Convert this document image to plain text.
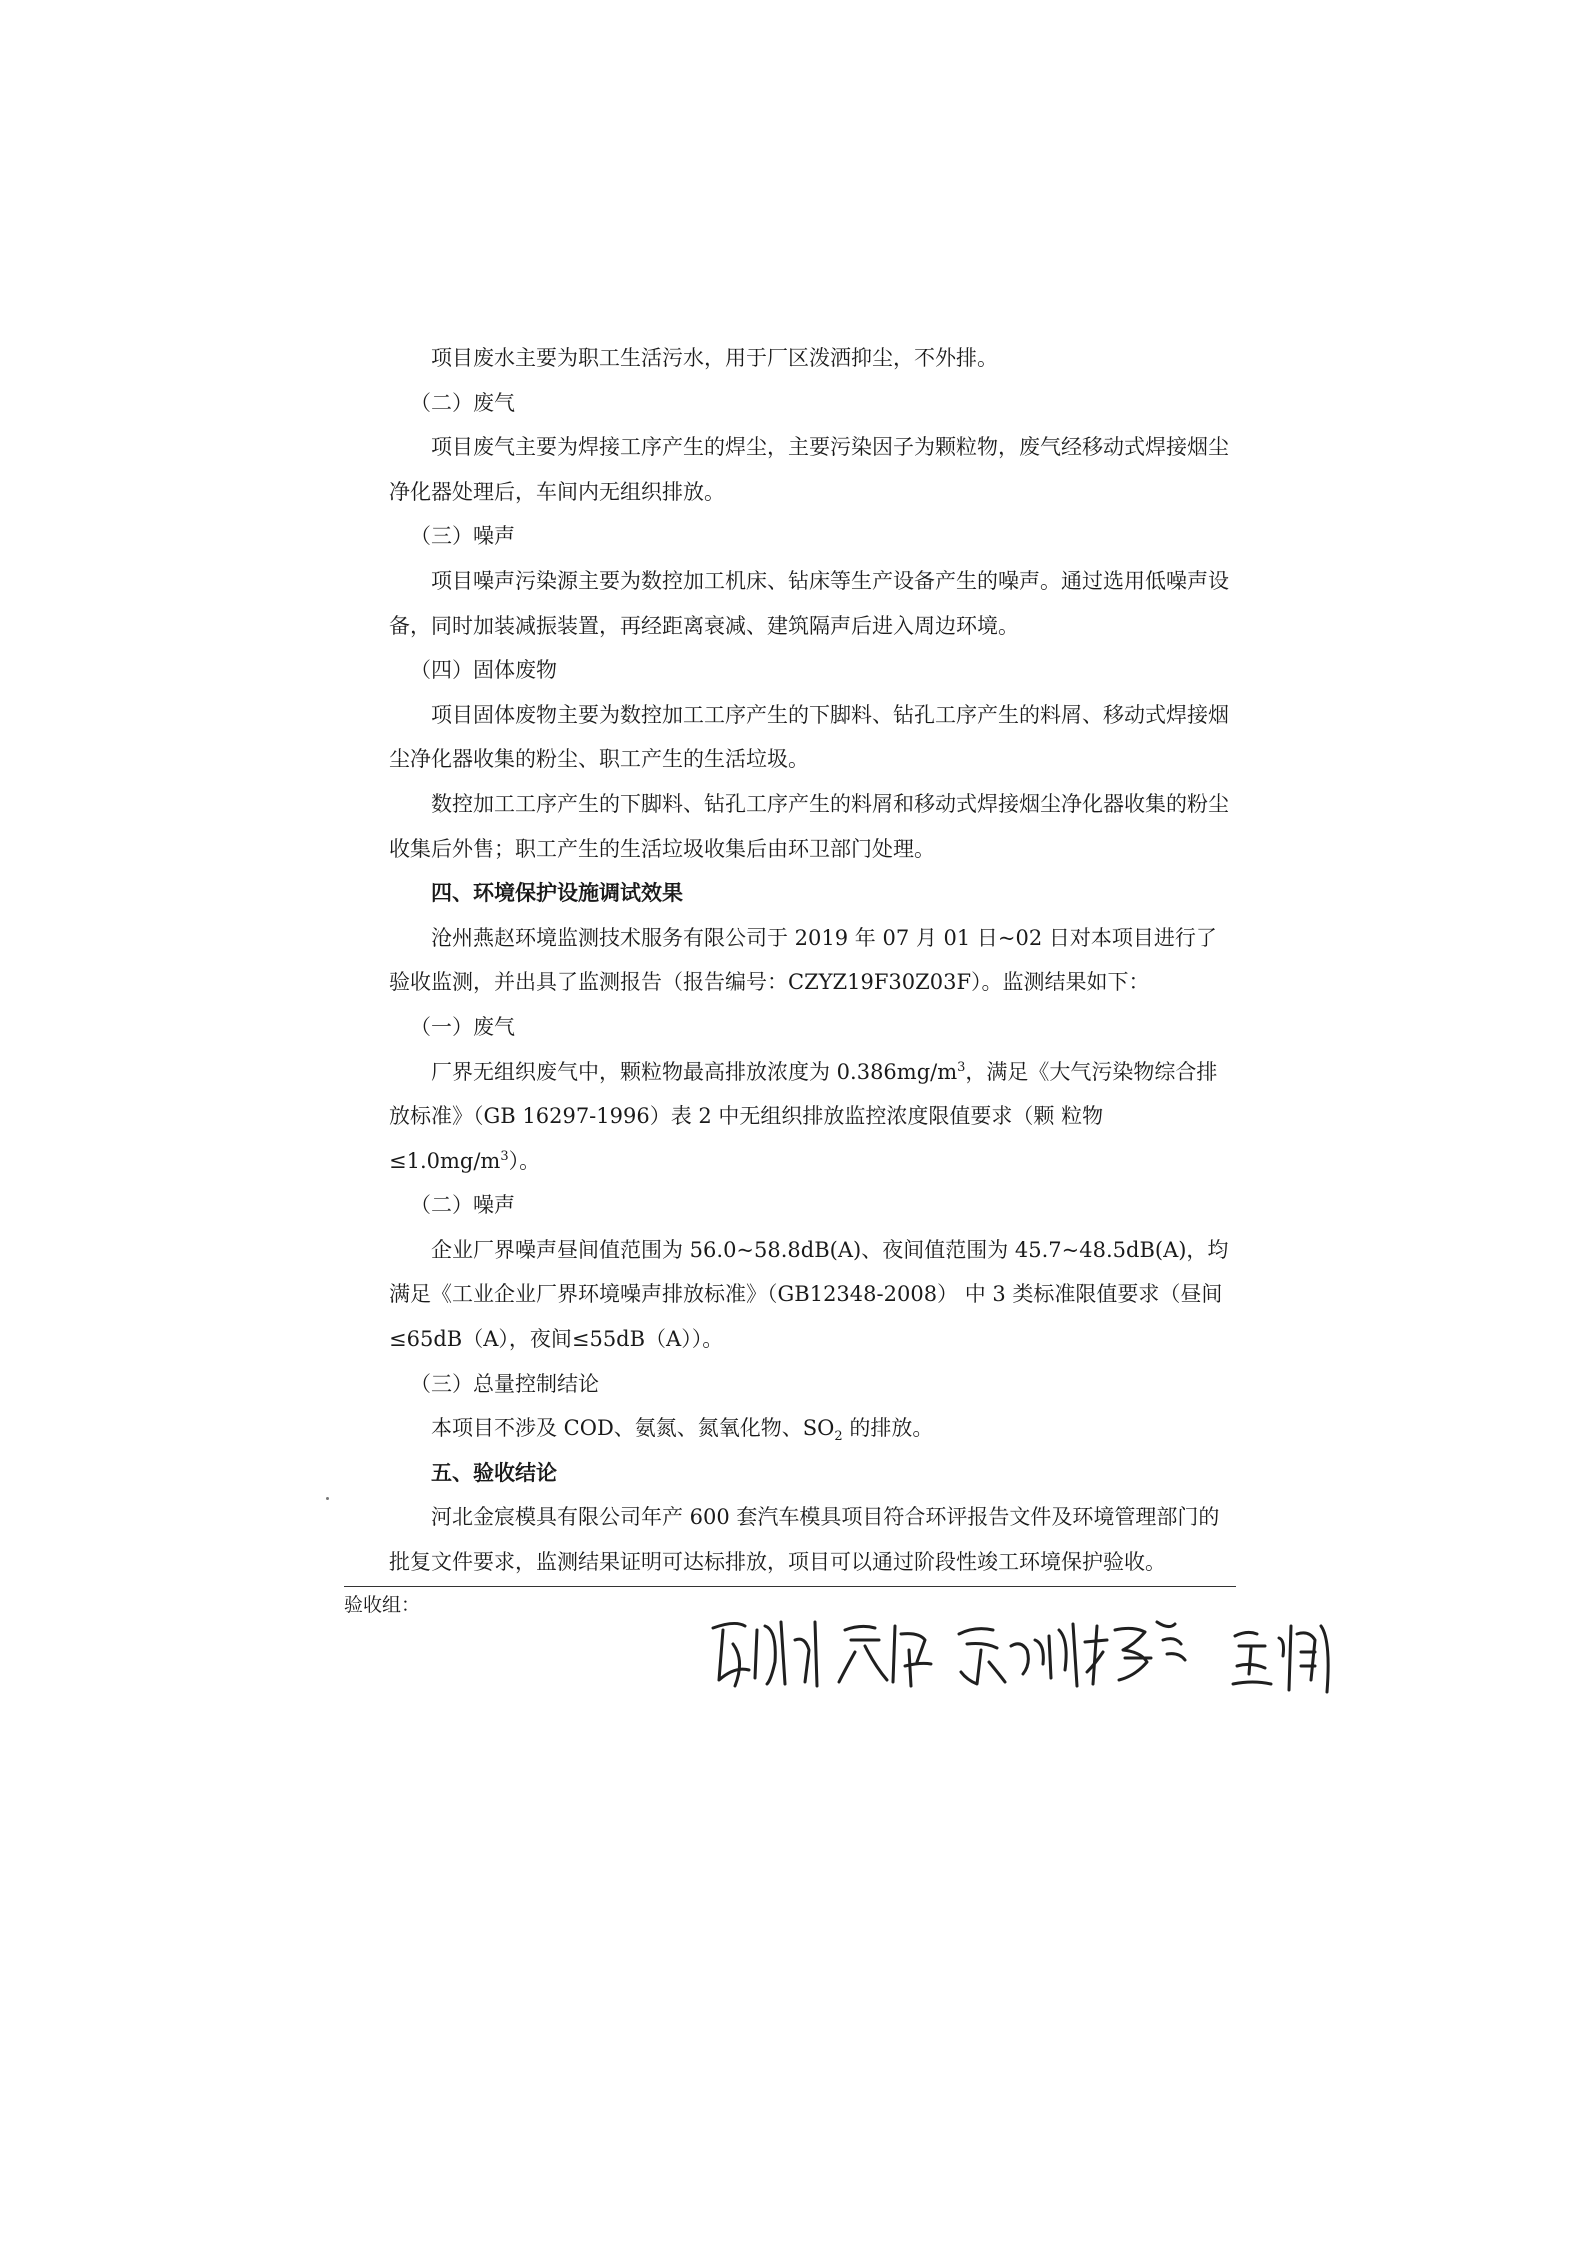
项目废水主要为职工生活污水，用于厂区泼洒抑尘，不外排。

（二）废气

项目废气主要为焊接工序产生的焊尘，主要污染因子为颗粒物，废气经移动式焊接烟尘净化器处理后，车间内无组织排放。

（三）噪声

项目噪声污染源主要为数控加工机床、钻床等生产设备产生的噪声。通过选用低噪声设备，同时加装减振装置，再经距离衰减、建筑隔声后进入周边环境。

（四）固体废物

项目固体废物主要为数控加工工序产生的下脚料、钻孔工序产生的料屑、移动式焊接烟尘净化器收集的粉尘、职工产生的生活垃圾。

数控加工工序产生的下脚料、钻孔工序产生的料屑和移动式焊接烟尘净化器收集的粉尘收集后外售；职工产生的生活垃圾收集后由环卫部门处理。

四、环境保护设施调试效果

沧州燕赵环境监测技术服务有限公司于 2019 年 07 月 01 日~02 日对本项目进行了验收监测，并出具了监测报告（报告编号：CZYZ19F30Z03F）。监测结果如下：

（一）废气

厂界无组织废气中，颗粒物最高排放浓度为 $0.386mg/m^3$，满足《大气污染物综合排放标准》（GB 16297-1996）表 2 中无组织排放监控浓度限值要求（颗 粒物$\le 1.0mg/m^3$）。

（二）噪声

企业厂界噪声昼间值范围为 56.0~58.8dB(A)、夜间值范围为 45.7~48.5dB(A)，均满足《工业企业厂界环境噪声排放标准》（GB12348-2008） 中 3 类标准限值要求（昼间≤65dB（A），夜间≤55dB（A））。

（三）总量控制结论

本项目不涉及 COD、氨氮、氮氧化物、$SO_2$ 的排放。

五、验收结论

河北金宸模具有限公司年产 600 套汽车模具项目符合环评报告文件及环境管理部门的批复文件要求，监测结果证明可达标排放，项目可以通过阶段性竣工环境保护验收。

验收组：
